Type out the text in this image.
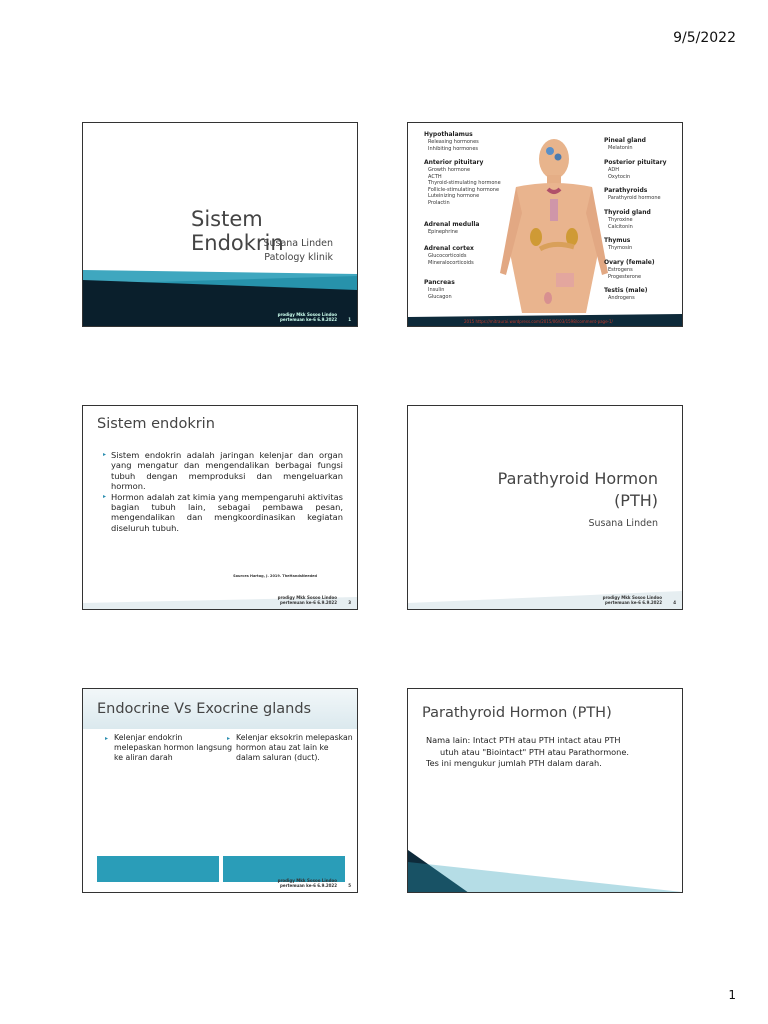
9/5/2022
Sistem Endokrin
Susana Linden
Patology klinik
prodigy Mkk Sosoo Lindoo
pertemuan ke-6 6.9.2022	1
Hypothalamus
Releasing hormones
Inhibiting hormones
Anterior pituitary
Growth hormone
ACTH
Thyroid-stimulating hormone
Follicle-stimulating hormone
Luteinizing hormone
Prolactin
Adrenal medulla
Epinephrine
Adrenal cortex
Glucocorticoids
Mineralocorticoids
Pancreas
Insulin
Glucagon
Pineal gland
Melatonin
Posterior pituitary
ADH
Oxytocin
Parathyroids
Parathyroid hormone
Thyroid gland
Thyroxine
Calcitonin
Thymus
Thymosin
Ovary (female)
Estrogens
Progesterone
Testis (male)
Androgens
2015 https://mitraurai.wordpress.com/2015/06/03/1598/comment-page-1/
Sistem endokrin
▸ Sistem endokrin adalah jaringan kelenjar dan organ yang mengatur dan mengendalikan berbagai fungsi tubuh dengan memproduksi dan mengeluarkan hormon.
▸ Hormon adalah zat kimia yang mempengaruhi aktivitas bagian tubuh lain, sebagai pembawa pesan, mengendalikan dan mengkoordinasikan kegiatan diseluruh tubuh.
Sources Hartog, J. 2019. TheHandsNeeded
prodigy Mkk Sosoo Lindoo
pertemuan ke-6 6.9.2022	3
Parathyroid Hormon
(PTH)
Susana Linden
prodigy Mkk Sosoo Lindoo
pertemuan ke-6 6.9.2022	4
Endocrine Vs Exocrine glands
▸ Kelenjar endokrin melepaskan hormon langsung ke aliran darah
▸ Kelenjar eksokrin melepaskan hormon atau zat lain ke dalam saluran (duct).
prodigy Mkk Sosoo Lindoo
pertemuan ke-6 6.9.2022	5
Parathyroid Hormon (PTH)
Nama lain: Intact PTH atau PTH intact atau PTH
utuh atau "Biointact" PTH atau Parathormone.
Tes ini mengukur jumlah PTH dalam darah.
1
